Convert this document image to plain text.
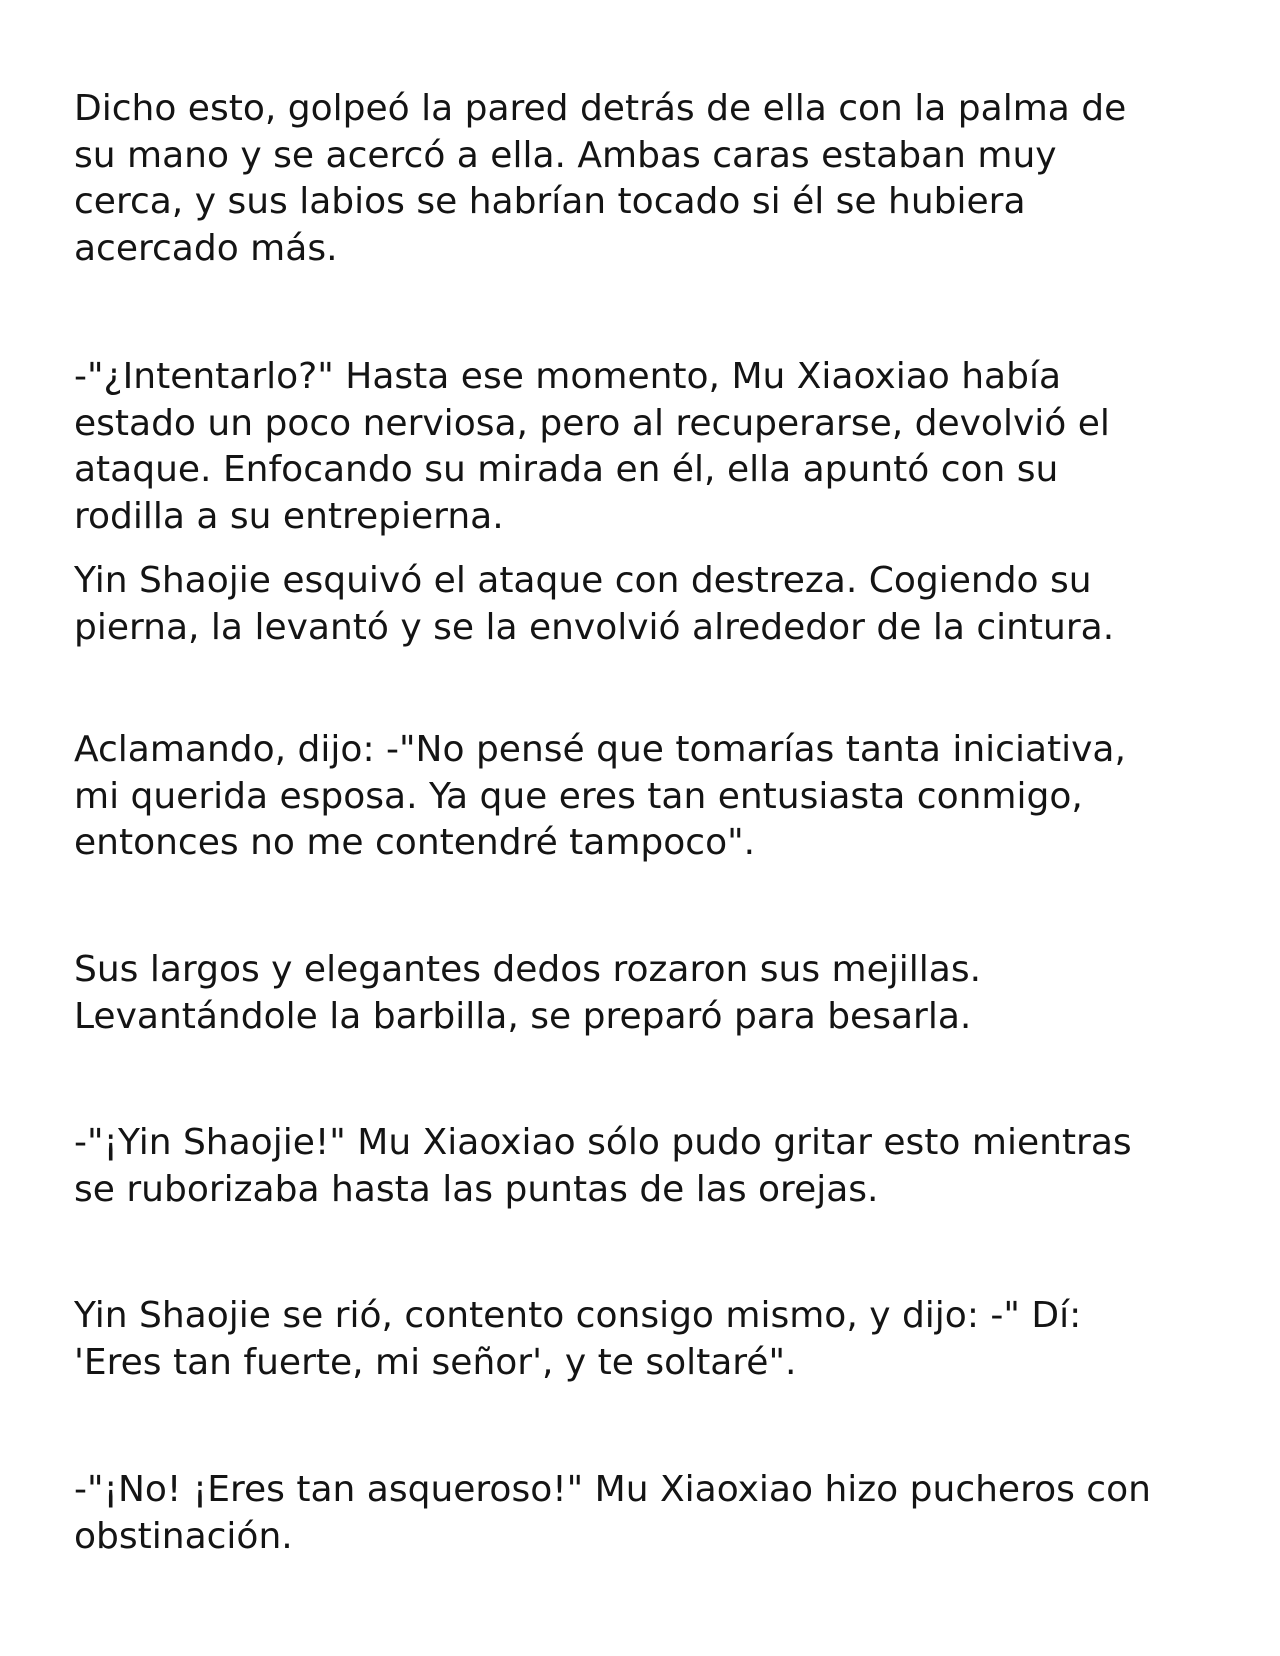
Dicho esto, golpeó la pared detrás de ella con la palma de
su mano y se acercó a ella. Ambas caras estaban muy
cerca, y sus labios se habrían tocado si él se hubiera
acercado más.

-"¿Intentarlo?" Hasta ese momento, Mu Xiaoxiao había
estado un poco nerviosa, pero al recuperarse, devolvió el
ataque. Enfocando su mirada en él, ella apuntó con su
rodilla a su entrepierna.

Yin Shaojie esquivó el ataque con destreza. Cogiendo su
pierna, la levantó y se la envolvió alrededor de la cintura.

Aclamando, dijo: -"No pensé que tomarías tanta iniciativa,
mi querida esposa. Ya que eres tan entusiasta conmigo,
entonces no me contendré tampoco".

Sus largos y elegantes dedos rozaron sus mejillas.
Levantándole la barbilla, se preparó para besarla.

-"¡Yin Shaojie!" Mu Xiaoxiao sólo pudo gritar esto mientras
se ruborizaba hasta las puntas de las orejas.

Yin Shaojie se rió, contento consigo mismo, y dijo: -" Dí:
'Eres tan fuerte, mi señor', y te soltaré".

-"¡No! ¡Eres tan asqueroso!" Mu Xiaoxiao hizo pucheros con
obstinación.
